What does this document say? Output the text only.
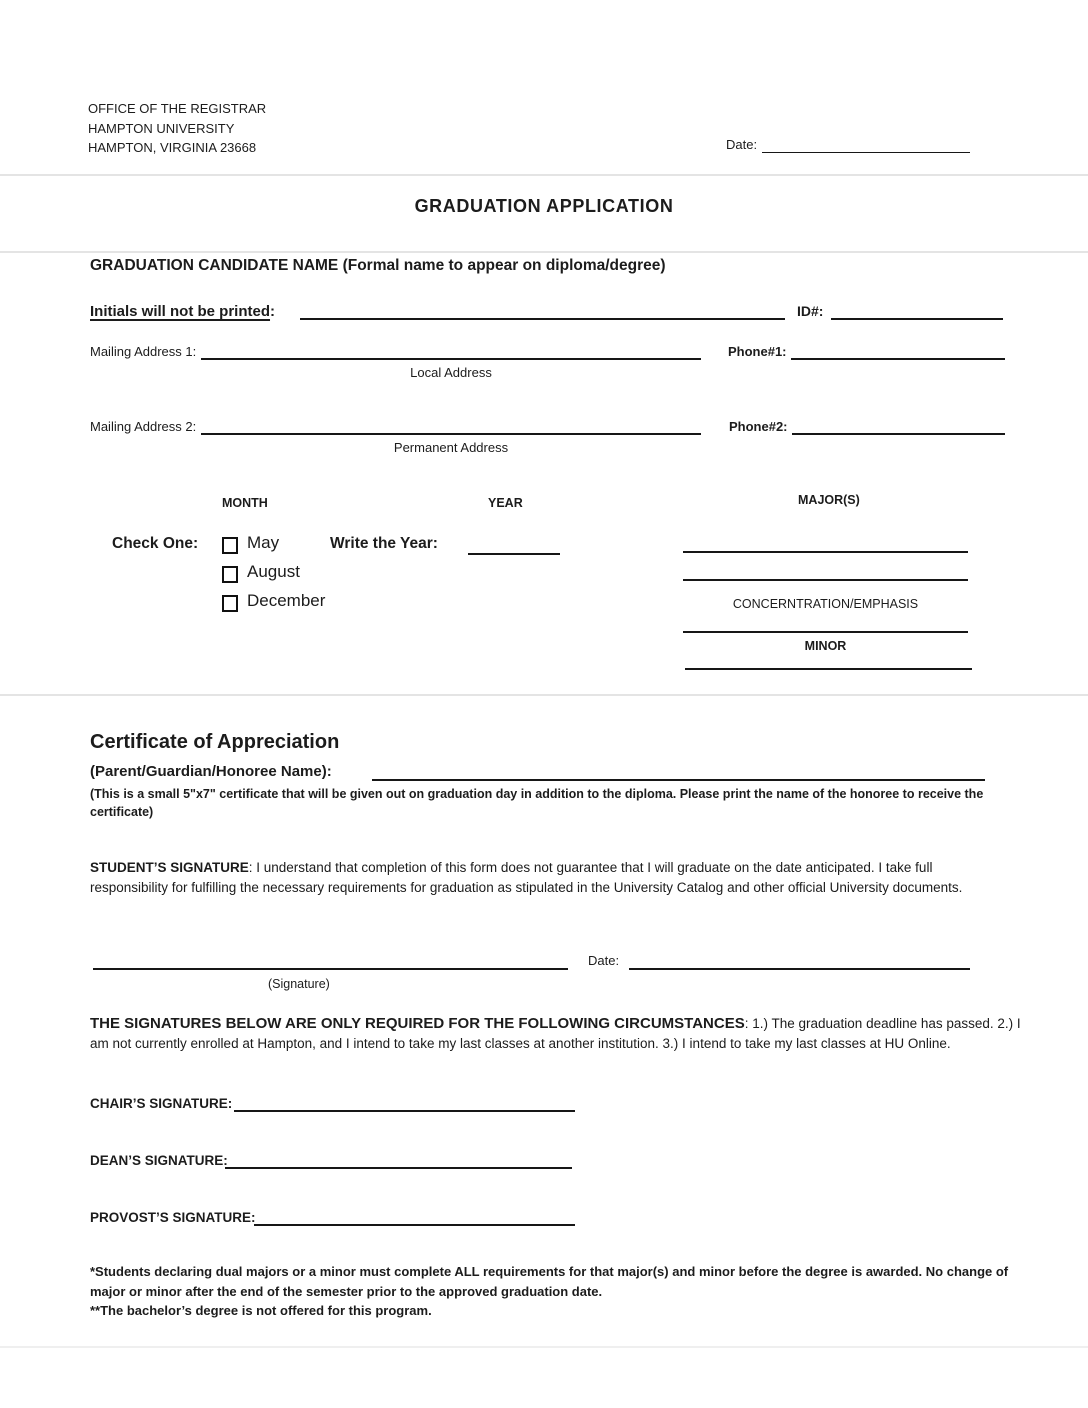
OFFICE OF THE REGISTRAR
HAMPTON UNIVERSITY
HAMPTON, VIRGINIA 23668	Date:
GRADUATION APPLICATION
GRADUATION CANDIDATE NAME (Formal name to appear on diploma/degree)
Initials will not be printed:	ID#:
Mailing Address 1:
Local Address
Phone#1:
Mailing Address 2:
Permanent Address
Phone#2:
MONTH	YEAR	MAJOR(S)
Check One:	May	Write the Year:
August
December	CONCERNTRATION/EMPHASIS
MINOR
Certificate of Appreciation
(Parent/Guardian/Honoree Name):
(This is a small 5"x7" certificate that will be given out on graduation day in addition to the diploma. Please print the name of the honoree to receive the certificate)
STUDENT’S SIGNATURE: I understand that completion of this form does not guarantee that I will graduate on the date anticipated. I take full responsibility for fulfilling the necessary requirements for graduation as stipulated in the University Catalog and other official University documents.
Date:
(Signature)
THE SIGNATURES BELOW ARE ONLY REQUIRED FOR THE FOLLOWING CIRCUMSTANCES: 1.) The graduation deadline has passed. 2.) I am not currently enrolled at Hampton, and I intend to take my last classes at another institution. 3.) I intend to take my last classes at HU Online.
CHAIR’S SIGNATURE:
DEAN’S SIGNATURE:
PROVOST’S SIGNATURE:
*Students declaring dual majors or a minor must complete ALL requirements for that major(s) and minor before the degree is awarded. No change of major or minor after the end of the semester prior to the approved graduation date.
**The bachelor’s degree is not offered for this program.
